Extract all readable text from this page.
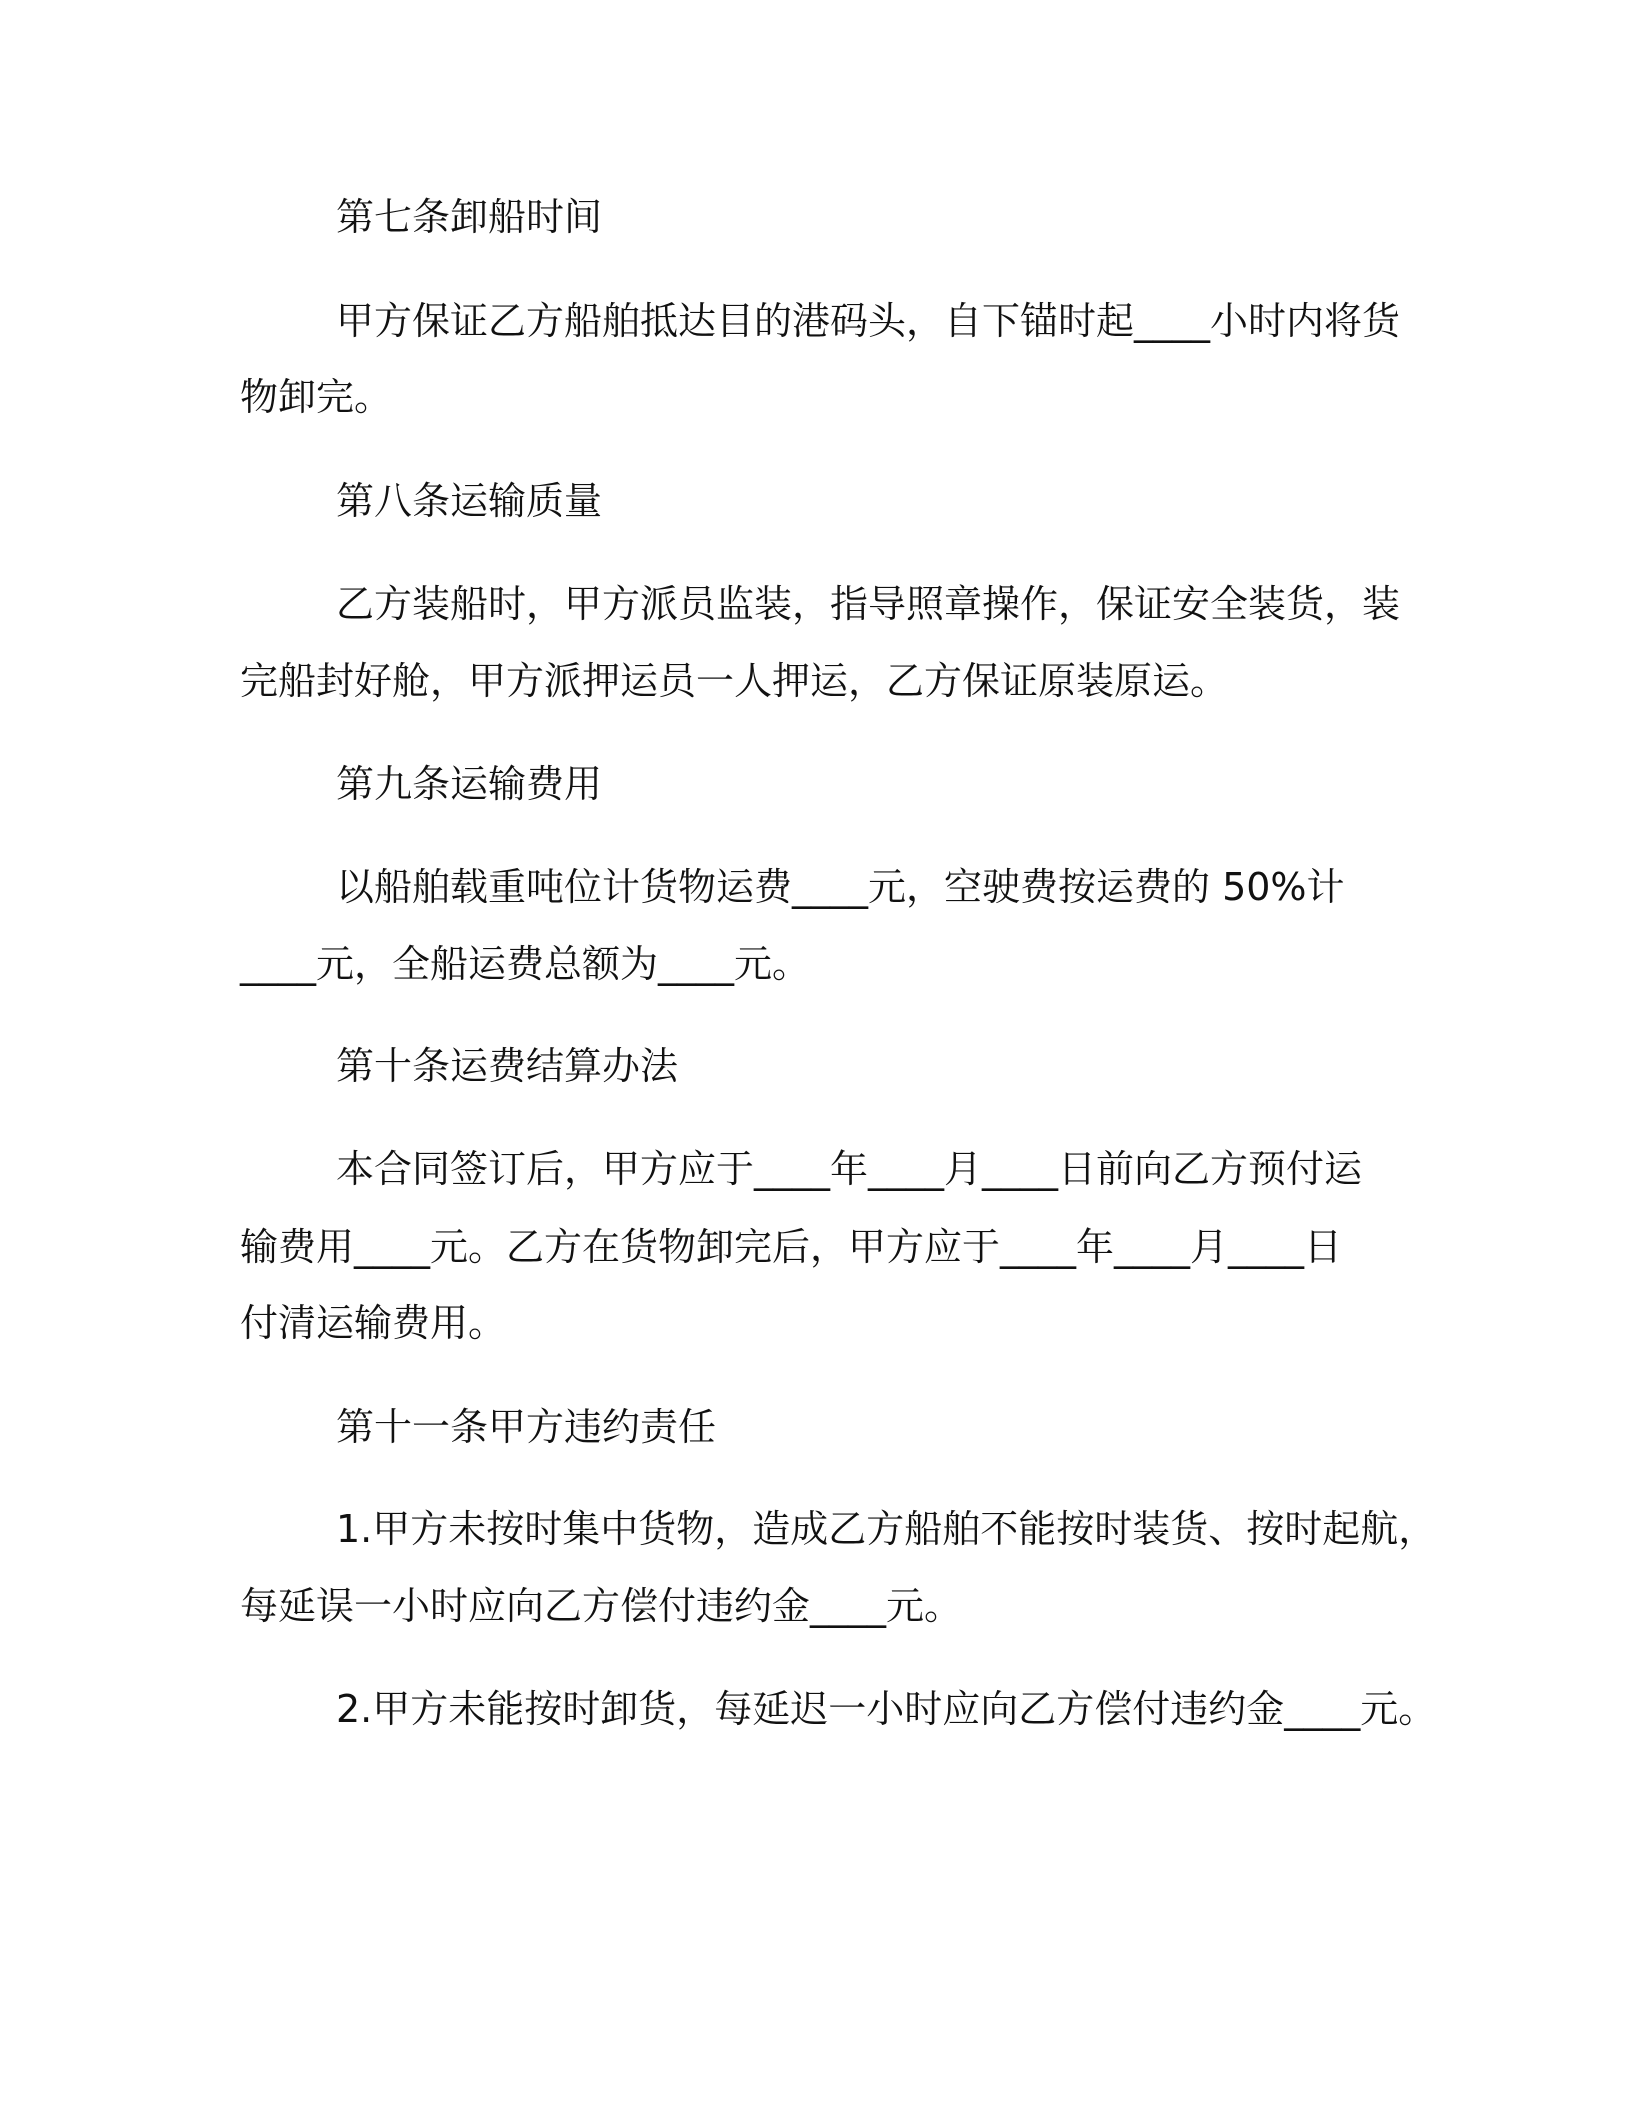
第七条卸船时间
甲方保证乙方船舶抵达目的港码头，自下锚时起____小时内将货
物卸完。
第八条运输质量
乙方装船时，甲方派员监装，指导照章操作，保证安全装货，装
完船封好舱，甲方派押运员一人押运，乙方保证原装原运。
第九条运输费用
以船舶载重吨位计货物运费____元，空驶费按运费的 50%计
____元，全船运费总额为____元。
第十条运费结算办法
本合同签订后，甲方应于____年____月____日前向乙方预付运
输费用____元。乙方在货物卸完后，甲方应于____年____月____日
付清运输费用。
第十一条甲方违约责任
1.甲方未按时集中货物，造成乙方船舶不能按时装货、按时起航，
每延误一小时应向乙方偿付违约金____元。
2.甲方未能按时卸货，每延迟一小时应向乙方偿付违约金____元。
